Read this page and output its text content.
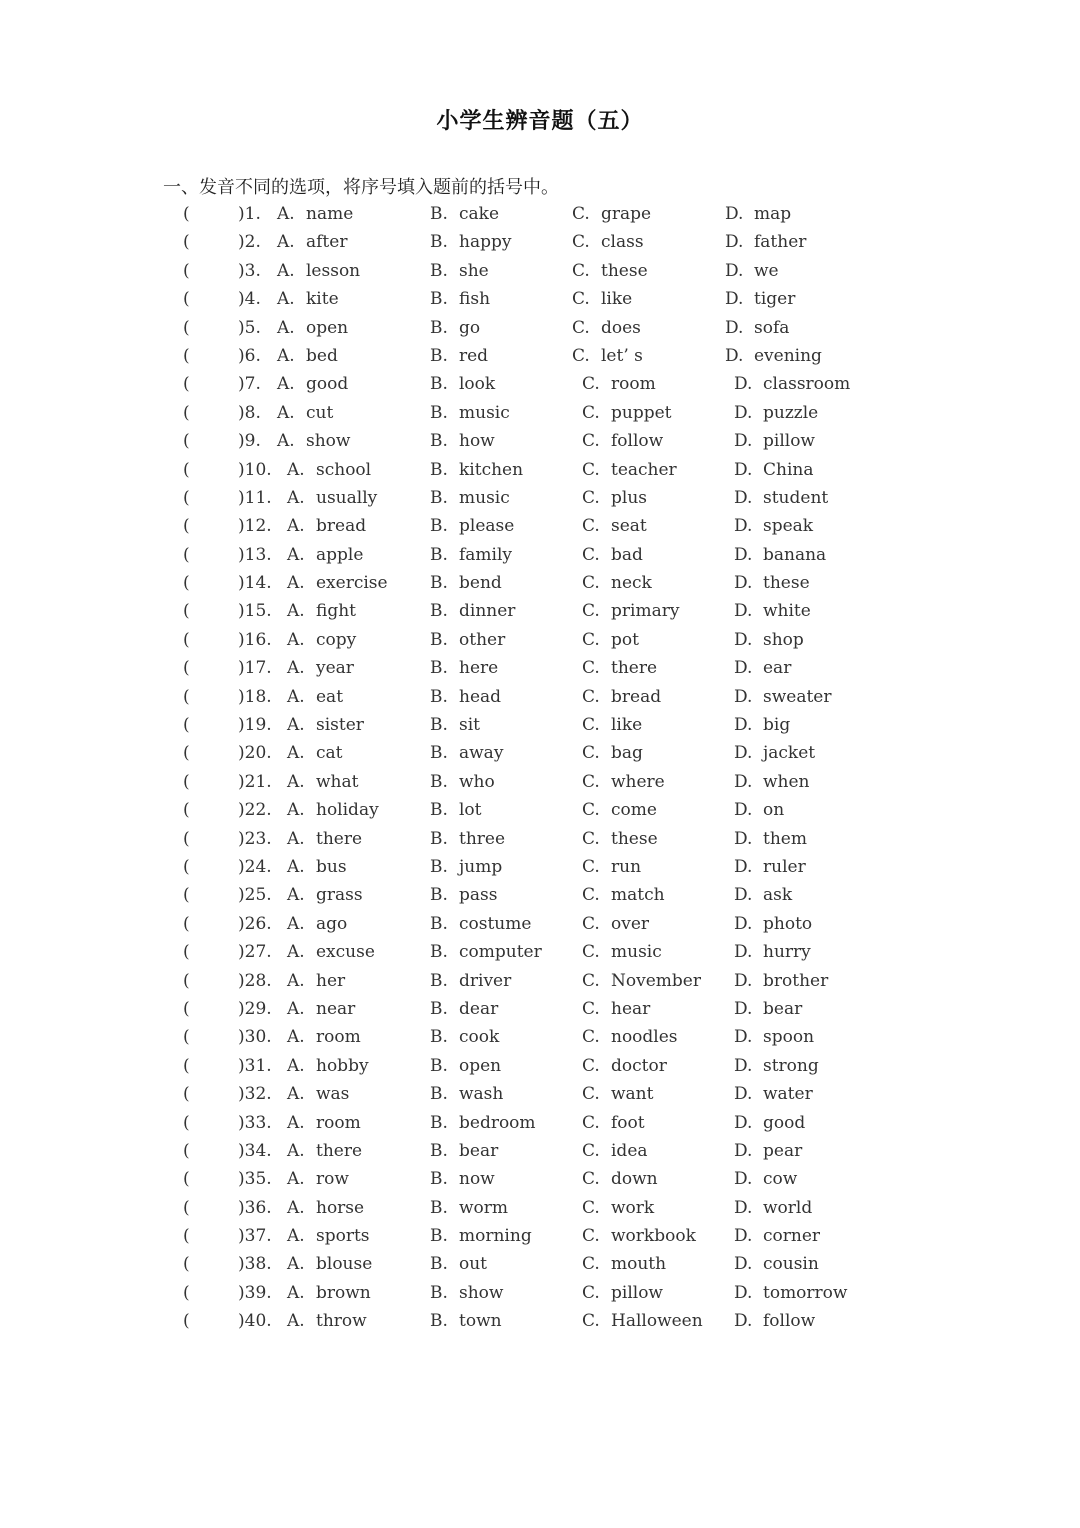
小学生辨音题（五）
一、发音不同的选项，将序号填入题前的括号中。
(	)1. A. name	B. cake	C. grape	D. map
(	)2. A. after	B. happy	C. class	D. father
(	)3. A. lesson	B. she	C. these	D. we
(	)4. A. kite	B. fish	C. like	D. tiger
(	)5. A. open	B. go	C. does	D. sofa
(	)6. A. bed	B. red	C. let’ s	D. evening
(	)7. A. good	B. look	C. room	D. classroom
(	)8. A. cut	B. music	C. puppet	D. puzzle
(	)9. A. show	B. how	C. follow	D. pillow
(	)10. A. school	B. kitchen	C. teacher	D. China
(	)11. A. usually	B. music	C. plus	D. student
(	)12. A. bread	B. please	C. seat	D. speak
(	)13. A. apple	B. family	C. bad	D. banana
(	)14. A. exercise B. bend	C. neck	D. these
(	)15. A. fight	B. dinner	C. primary	D. white
(	)16. A. copy	B. other	C. pot	D. shop
(	)17. A. year	B. here	C. there	D. ear
(	)18. A. eat	B. head	C. bread	D. sweater
(	)19. A. sister	B. sit	C. like	D. big
(	)20. A. cat	B. away	C. bag	D. jacket
(	)21. A. what	B. who	C. where	D. when
(	)22. A. holiday	B. lot	C. come	D. on
(	)23. A. there	B. three	C. these	D. them
(	)24. A. bus	B. jump	C. run	D. ruler
(	)25. A. grass	B. pass	C. match	D. ask
(	)26. A. ago	B. costume	C. over	D. photo
(	)27. A. excuse	B. computer C. music	D. hurry
(	)28. A. her	B. driver	C. November D. brother
(	)29. A. near	B. dear	C. hear	D. bear
(	)30. A. room	B. cook	C. noodles	D. spoon
(	)31. A. hobby	B. open	C. doctor	D. strong
(	)32. A. was	B. wash	C. want	D. water
(	)33. A. room	B. bedroom	C. foot	D. good
(	)34. A. there	B. bear	C. idea	D. pear
(	)35. A. row	B. now	C. down	D. cow
(	)36. A. horse	B. worm	C. work	D. world
(	)37. A. sports	B. morning	C. workbook D. corner
(	)38. A. blouse	B. out	C. mouth	D. cousin
(	)39. A. brown	B. show	C. pillow	D. tomorrow
(	)40. A. throw	B. town	C. Halloween D. follow
